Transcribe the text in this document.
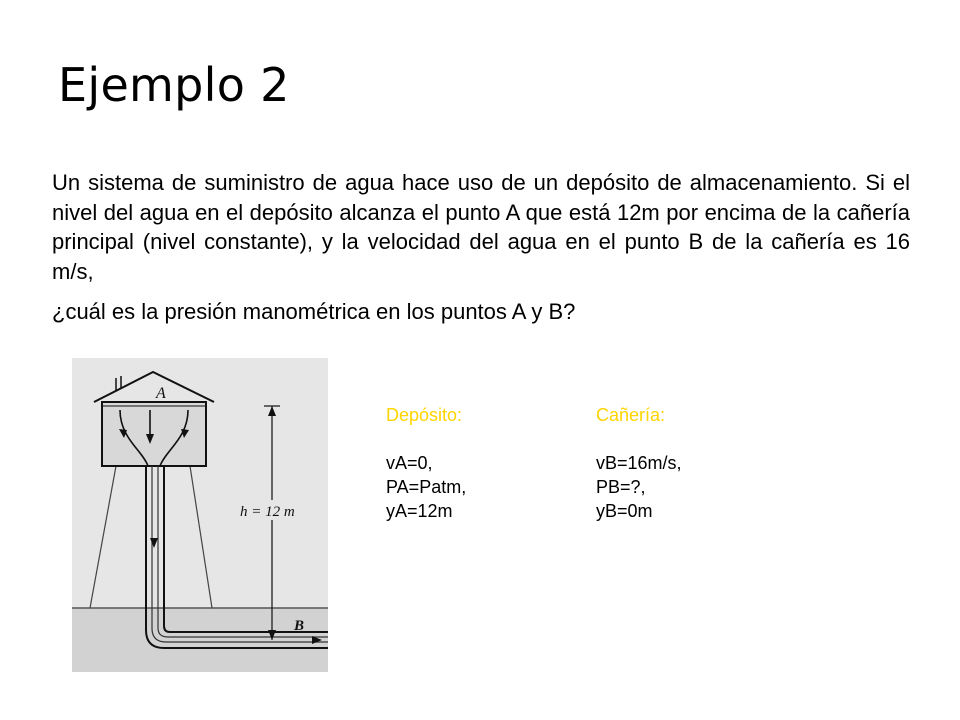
Ejemplo 2

Un sistema de suministro de agua hace uso de un depósito de almacenamiento. Si el nivel del agua en el depósito alcanza el punto A que está 12m por encima de la cañería principal (nivel constante), y la velocidad del agua en el punto B de la cañería es 16 m/s,

¿cuál es la presión manométrica en los puntos A y B?

h = 12 m
A
B
Depósito:
vA=0,
PA=Patm,
yA=12m
Cañería:
vB=16m/s,
PB=?,
yB=0m
